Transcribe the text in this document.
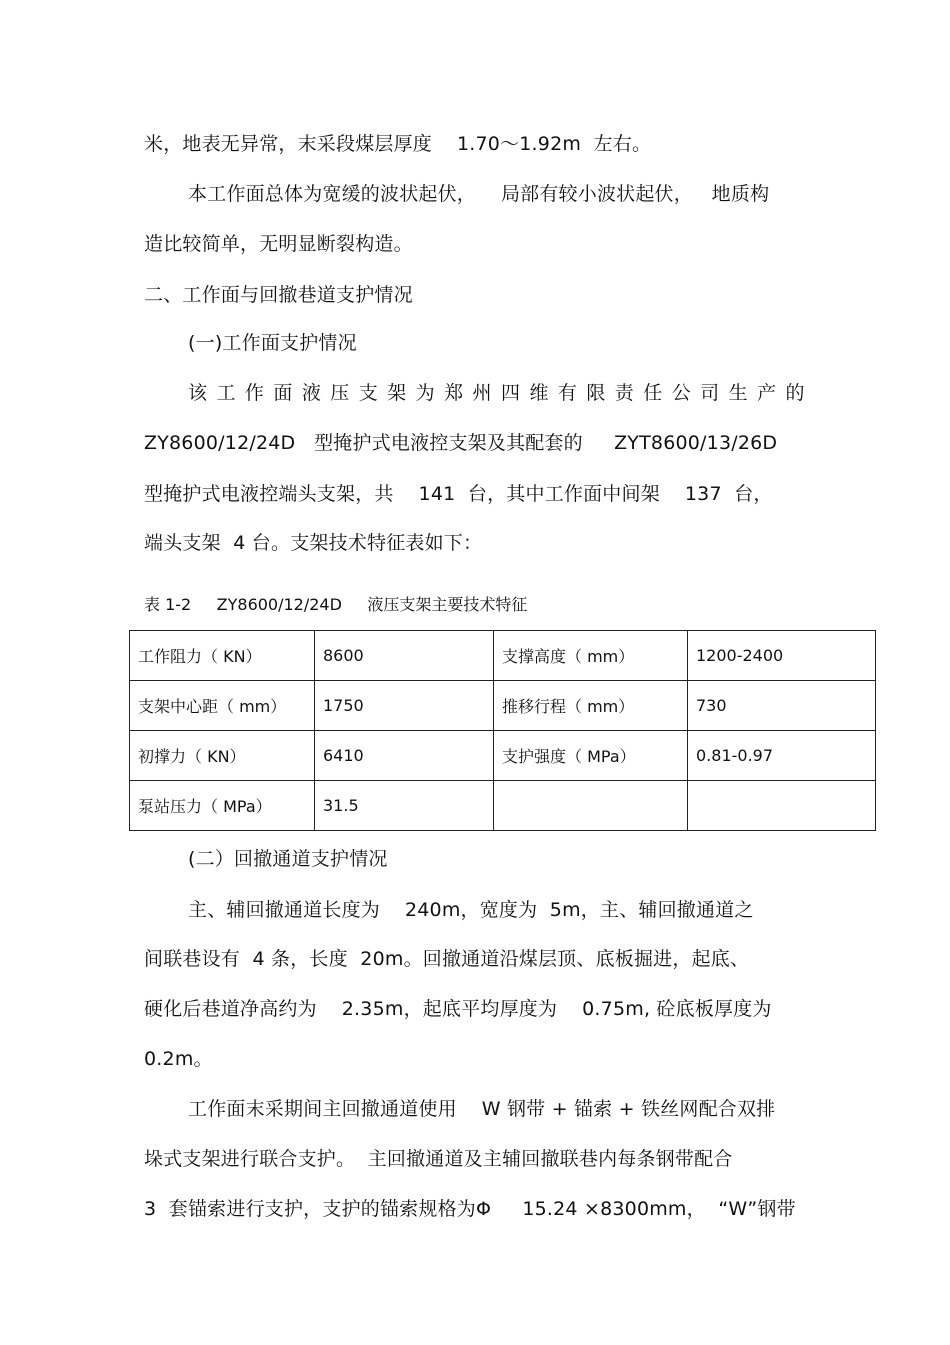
米，地表无异常，末采段煤层厚度    1.70～1.92m  左右。
本工作面总体为宽缓的波状起伏，    局部有较小波状起伏，   地质构
造比较简单，无明显断裂构造。
二、工作面与回撤巷道支护情况
(一)工作面支护情况
该 工 作 面 液 压 支 架 为 郑 州 四 维 有 限 责 任 公 司 生 产 的
ZY8600/12/24D   型掩护式电液控支架及其配套的     ZYT8600/13/26D
型掩护式电液控端头支架，共    141  台，其中工作面中间架    137  台，
端头支架  4 台。支架技术特征表如下：
表 1-2     ZY8600/12/24D     液压支架主要技术特征
工作阻力（ KN）	8600	支撑高度（ mm）	1200-2400
支架中心距（ mm）	1750	推移行程（ mm）	730
初撑力（ KN）	6410	支护强度（ MPa）	0.81-0.97
泵站压力（ MPa）	31.5		
(二）回撤通道支护情况
主、辅回撤通道长度为    240m，宽度为  5m，主、辅回撤通道之
间联巷设有  4 条，长度  20m。回撤通道沿煤层顶、底板掘进，起底、
硬化后巷道净高约为    2.35m，起底平均厚度为    0.75m, 砼底板厚度为
0.2m。
工作面末采期间主回撤通道使用    W 钢带 + 锚索 + 铁丝网配合双排
垛式支架进行联合支护。  主回撤通道及主辅回撤联巷内每条钢带配合
3  套锚索进行支护，支护的锚索规格为Φ     15.24 ×8300mm，  “W”钢带
